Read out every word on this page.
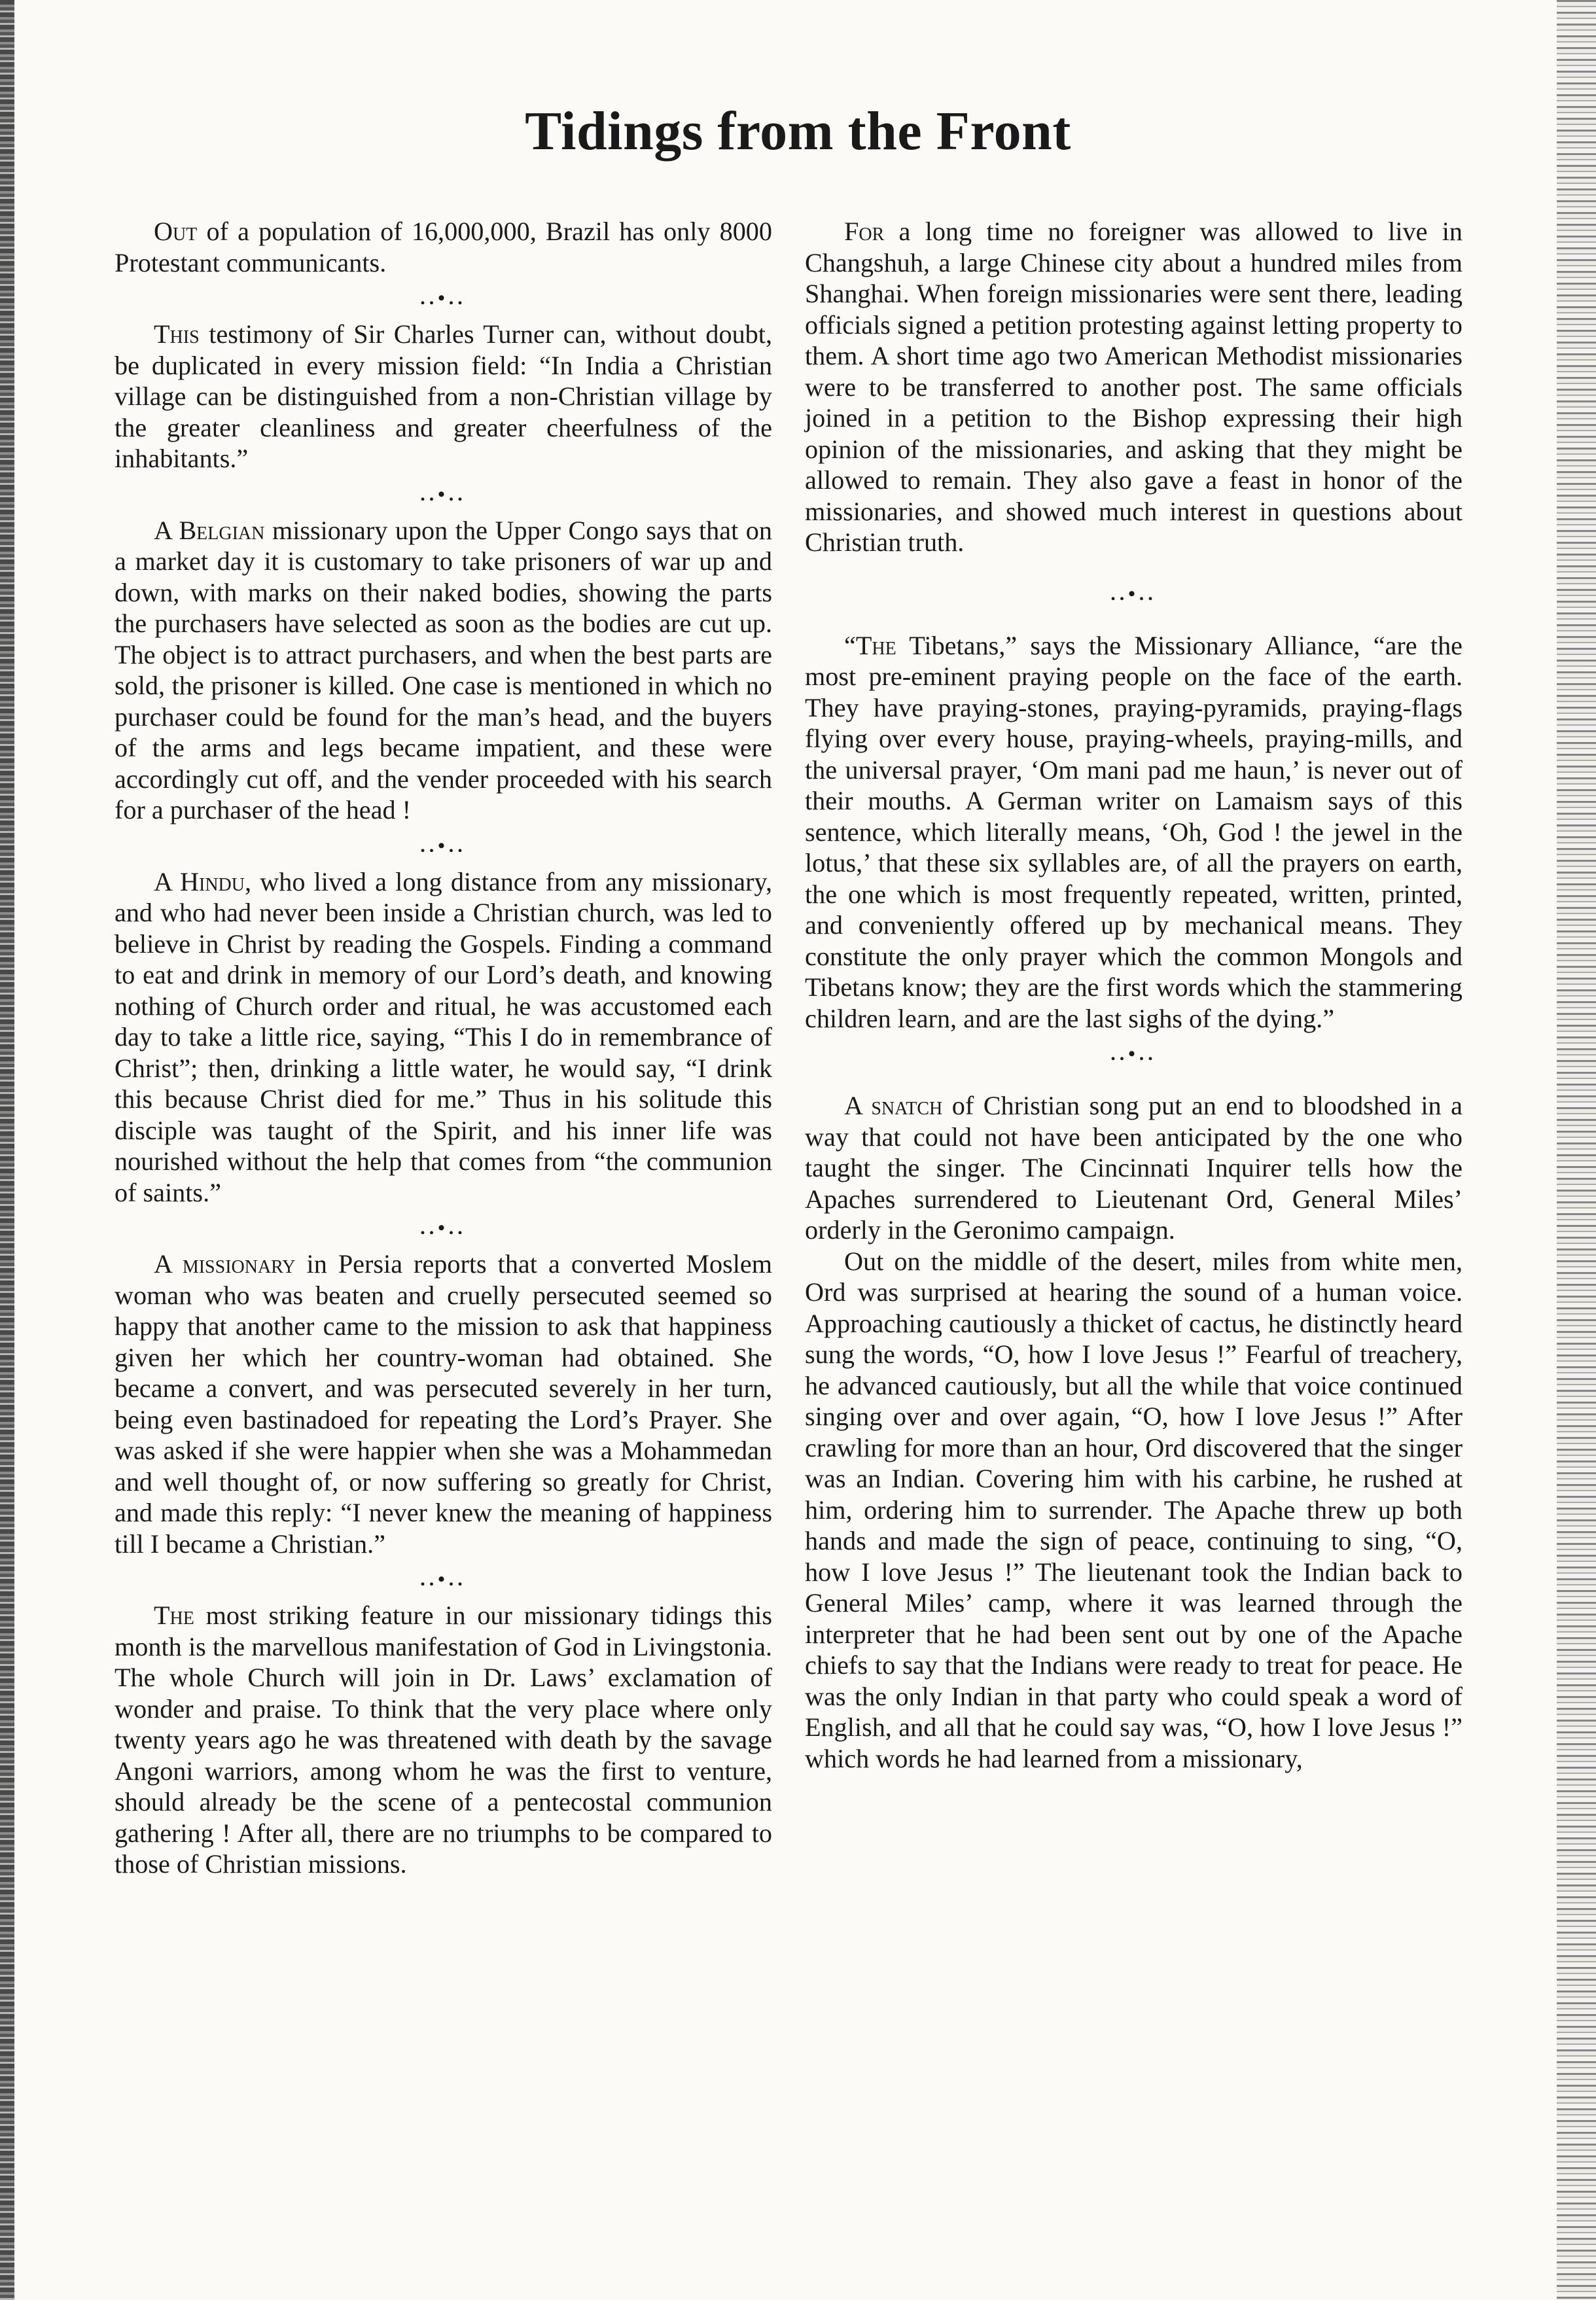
Tidings from the Front

Out of a population of 16,000,000, Brazil has only 8000 Protestant communicants.

..•..

This testimony of Sir Charles Turner can, without doubt, be duplicated in every mission field: “In India a Christian village can be distinguished from a non-Christian village by the greater cleanliness and greater cheerfulness of the inhabitants.”

..•..

A Belgian missionary upon the Upper Congo says that on a market day it is customary to take prisoners of war up and down, with marks on their naked bodies, showing the parts the purchasers have selected as soon as the bodies are cut up. The object is to attract purchasers, and when the best parts are sold, the prisoner is killed. One case is mentioned in which no purchaser could be found for the man’s head, and the buyers of the arms and legs became impatient, and these were accordingly cut off, and the vender proceeded with his search for a purchaser of the head !

..•..

A Hindu, who lived a long distance from any missionary, and who had never been inside a Christian church, was led to believe in Christ by reading the Gospels. Finding a command to eat and drink in memory of our Lord’s death, and knowing nothing of Church order and ritual, he was accustomed each day to take a little rice, saying, “This I do in remembrance of Christ”; then, drinking a little water, he would say, “I drink this because Christ died for me.” Thus in his solitude this disciple was taught of the Spirit, and his inner life was nourished without the help that comes from “the communion of saints.”

..•..

A missionary in Persia reports that a converted Moslem woman who was beaten and cruelly persecuted seemed so happy that another came to the mission to ask that happiness given her which her country-woman had obtained. She became a convert, and was persecuted severely in her turn, being even bastinadoed for repeating the Lord’s Prayer. She was asked if she were happier when she was a Mohammedan and well thought of, or now suffering so greatly for Christ, and made this reply: “I never knew the meaning of happiness till I became a Christian.”

..•..

The most striking feature in our missionary tidings this month is the marvellous manifestation of God in Livingstonia. The whole Church will join in Dr. Laws’ exclamation of wonder and praise. To think that the very place where only twenty years ago he was threatened with death by the savage Angoni warriors, among whom he was the first to venture, should already be the scene of a pentecostal communion gathering ! After all, there are no triumphs to be compared to those of Christian missions.

For a long time no foreigner was allowed to live in Changshuh, a large Chinese city about a hundred miles from Shanghai. When foreign missionaries were sent there, leading officials signed a petition protesting against letting property to them. A short time ago two American Methodist missionaries were to be transferred to another post. The same officials joined in a petition to the Bishop expressing their high opinion of the missionaries, and asking that they might be allowed to remain. They also gave a feast in honor of the missionaries, and showed much interest in questions about Christian truth.

..•..

“The Tibetans,” says the Missionary Alliance, “are the most pre-eminent praying people on the face of the earth. They have praying-stones, praying-pyramids, praying-flags flying over every house, praying-wheels, praying-mills, and the universal prayer, ‘Om mani pad me haun,’ is never out of their mouths. A German writer on Lamaism says of this sentence, which literally means, ‘Oh, God ! the jewel in the lotus,’ that these six syllables are, of all the prayers on earth, the one which is most frequently repeated, written, printed, and conveniently offered up by mechanical means. They constitute the only prayer which the common Mongols and Tibetans know; they are the first words which the stammering children learn, and are the last sighs of the dying.”

..•..

A snatch of Christian song put an end to bloodshed in a way that could not have been anticipated by the one who taught the singer. The Cincinnati Inquirer tells how the Apaches surrendered to Lieutenant Ord, General Miles’ orderly in the Geronimo campaign.

Out on the middle of the desert, miles from white men, Ord was surprised at hearing the sound of a human voice. Approaching cautiously a thicket of cactus, he distinctly heard sung the words, “O, how I love Jesus !” Fearful of treachery, he advanced cautiously, but all the while that voice continued singing over and over again, “O, how I love Jesus !” After crawling for more than an hour, Ord discovered that the singer was an Indian. Covering him with his carbine, he rushed at him, ordering him to surrender. The Apache threw up both hands and made the sign of peace, continuing to sing, “O, how I love Jesus !” The lieutenant took the Indian back to General Miles’ camp, where it was learned through the interpreter that he had been sent out by one of the Apache chiefs to say that the Indians were ready to treat for peace. He was the only Indian in that party who could speak a word of English, and all that he could say was, “O, how I love Jesus !” which words he had learned from a missionary,
